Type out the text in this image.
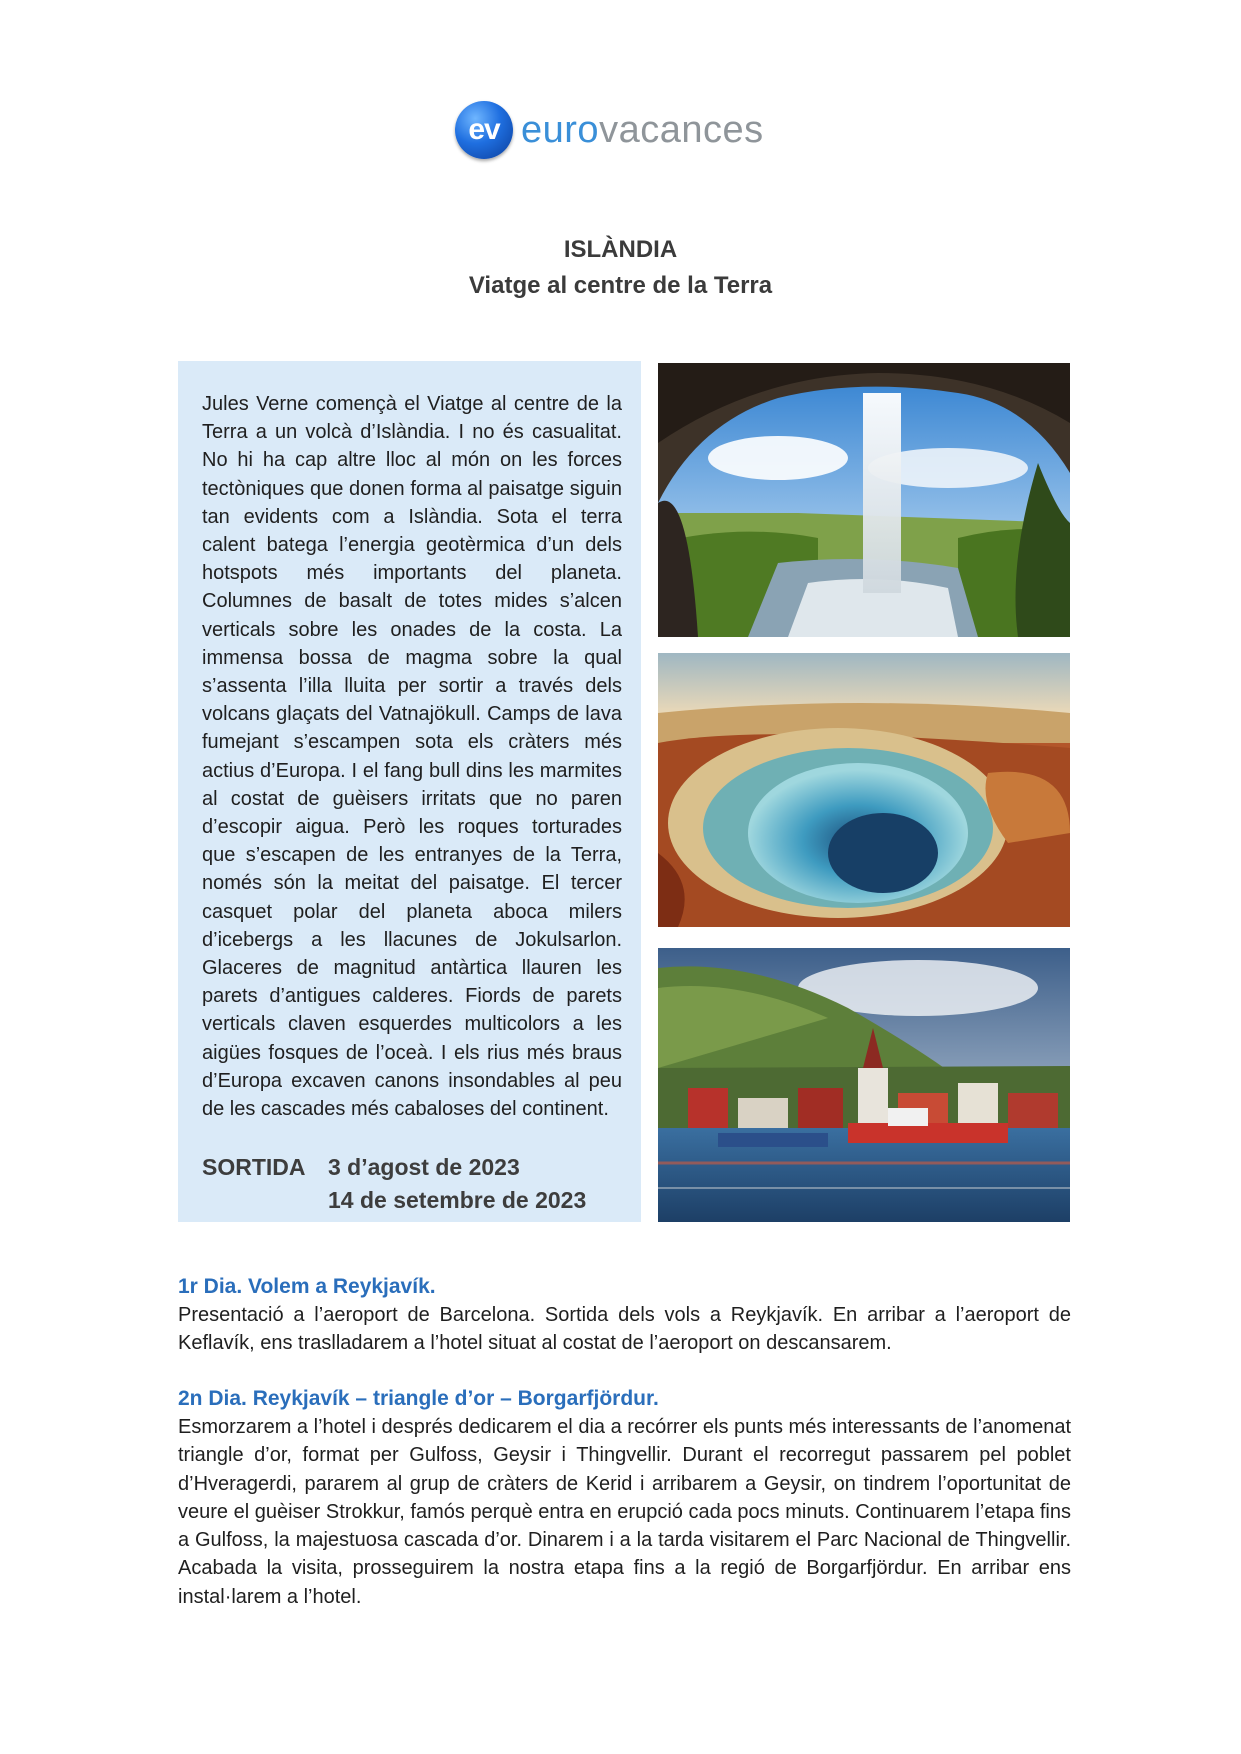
ev eurovacances
ISLÀNDIA
Viatge al centre de la Terra
Jules Verne començà el Viatge al centre de la Terra a un volcà d’Islàndia. I no és casualitat. No hi ha cap altre lloc al món on les forces tectòniques que donen forma al paisatge siguin tan evidents com a Islàndia. Sota el terra calent batega l’energia geotèrmica d’un dels hotspots més importants del planeta. Columnes de basalt de totes mides s’alcen verticals sobre les onades de la costa. La immensa bossa de magma sobre la qual s’assenta l’illa lluita per sortir a través dels volcans glaçats del Vatnajökull. Camps de lava fumejant s’escampen sota els cràters més actius d’Europa. I el fang bull dins les marmites al costat de guèisers irritats que no paren d’escopir aigua. Però les roques torturades que s’escapen de les entranyes de la Terra, només són la meitat del paisatge. El tercer casquet polar del planeta aboca milers d’icebergs a les llacunes de Jokulsarlon. Glaceres de magnitud antàrtica llauren les parets d’antigues calderes. Fiords de parets verticals claven esquerdes multicolors a les aigües fosques de l’oceà. I els rius més braus d’Europa excaven canons insondables al peu de les cascades més cabaloses del continent.
SORTIDA 3 d’agost de 2023
14 de setembre de 2023
1r Dia. Volem a Reykjavík.
Presentació a l’aeroport de Barcelona. Sortida dels vols a Reykjavík. En arribar a l’aeroport de Keflavík, ens traslladarem a l’hotel situat al costat de l’aeroport on descansarem.
2n Dia. Reykjavík – triangle d’or – Borgarfjördur.
Esmorzarem a l’hotel i després dedicarem el dia a recórrer els punts més interessants de l’anomenat triangle d’or, format per Gulfoss, Geysir i Thingvellir. Durant el recorregut passarem pel poblet d’Hveragerdi, pararem al grup de cràters de Kerid i arribarem a Geysir, on tindrem l’oportunitat de veure el guèiser Strokkur, famós perquè entra en erupció cada pocs minuts. Continuarem l’etapa fins a Gulfoss, la majestuosa cascada d’or. Dinarem i a la tarda visitarem el Parc Nacional de Thingvellir. Acabada la visita, prosseguirem la nostra etapa fins a la regió de Borgarfjördur. En arribar ens instal·larem a l’hotel.
